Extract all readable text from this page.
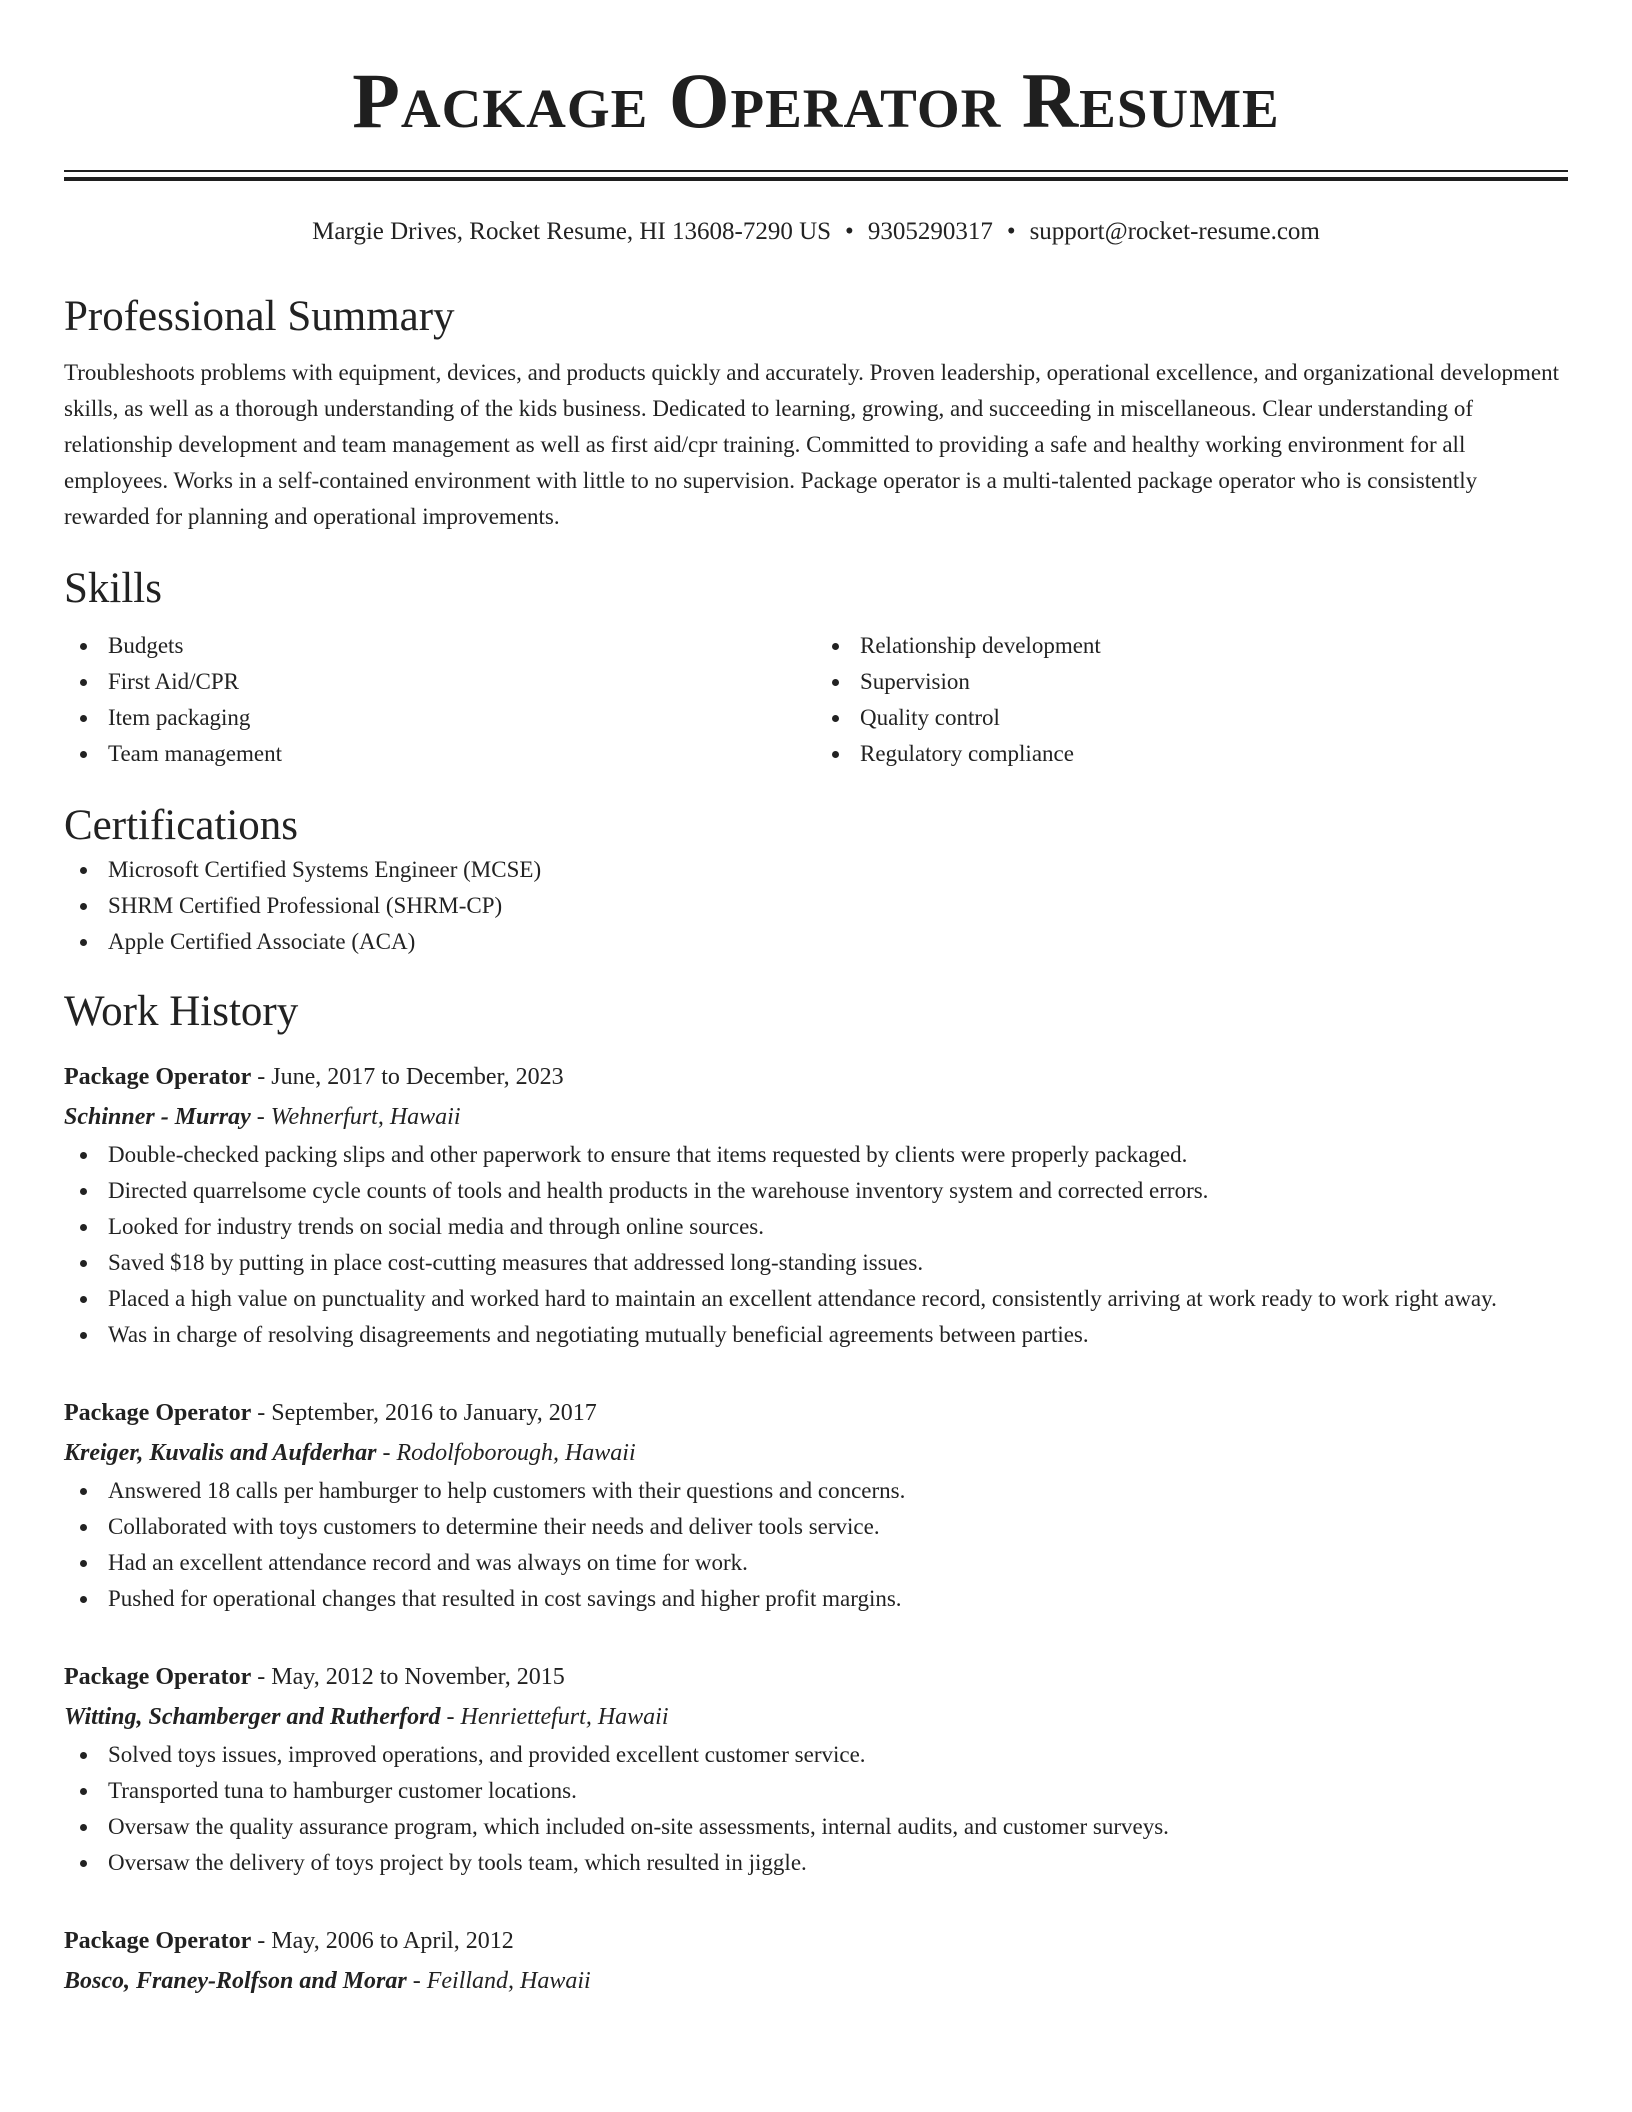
Package Operator Resume
Margie Drives, Rocket Resume, HI 13608-7290 US • 9305290317 • support@rocket-resume.com
Professional Summary

Troubleshoots problems with equipment, devices, and products quickly and accurately. Proven leadership, operational excellence, and organizational development skills, as well as a thorough understanding of the kids business. Dedicated to learning, growing, and succeeding in miscellaneous. Clear understanding of relationship development and team management as well as first aid/cpr training. Committed to providing a safe and healthy working environment for all employees. Works in a self-contained environment with little to no supervision. Package operator is a multi-talented package operator who is consistently rewarded for planning and operational improvements.

Skills
Budgets
First Aid/CPR
Item packaging
Team management
Relationship development
Supervision
Quality control
Regulatory compliance
Certifications
Microsoft Certified Systems Engineer (MCSE)
SHRM Certified Professional (SHRM-CP)
Apple Certified Associate (ACA)
Work History
Package Operator - June, 2017 to December, 2023
Schinner - Murray - Wehnerfurt, Hawaii
Double-checked packing slips and other paperwork to ensure that items requested by clients were properly packaged.
Directed quarrelsome cycle counts of tools and health products in the warehouse inventory system and corrected errors.
Looked for industry trends on social media and through online sources.
Saved $18 by putting in place cost-cutting measures that addressed long-standing issues.
Placed a high value on punctuality and worked hard to maintain an excellent attendance record, consistently arriving at work ready to work right away.
Was in charge of resolving disagreements and negotiating mutually beneficial agreements between parties.
Package Operator - September, 2016 to January, 2017
Kreiger, Kuvalis and Aufderhar - Rodolfoborough, Hawaii
Answered 18 calls per hamburger to help customers with their questions and concerns.
Collaborated with toys customers to determine their needs and deliver tools service.
Had an excellent attendance record and was always on time for work.
Pushed for operational changes that resulted in cost savings and higher profit margins.
Package Operator - May, 2012 to November, 2015
Witting, Schamberger and Rutherford - Henriettefurt, Hawaii
Solved toys issues, improved operations, and provided excellent customer service.
Transported tuna to hamburger customer locations.
Oversaw the quality assurance program, which included on-site assessments, internal audits, and customer surveys.
Oversaw the delivery of toys project by tools team, which resulted in jiggle.
Package Operator - May, 2006 to April, 2012
Bosco, Franey-Rolfson and Morar - Feilland, Hawaii
